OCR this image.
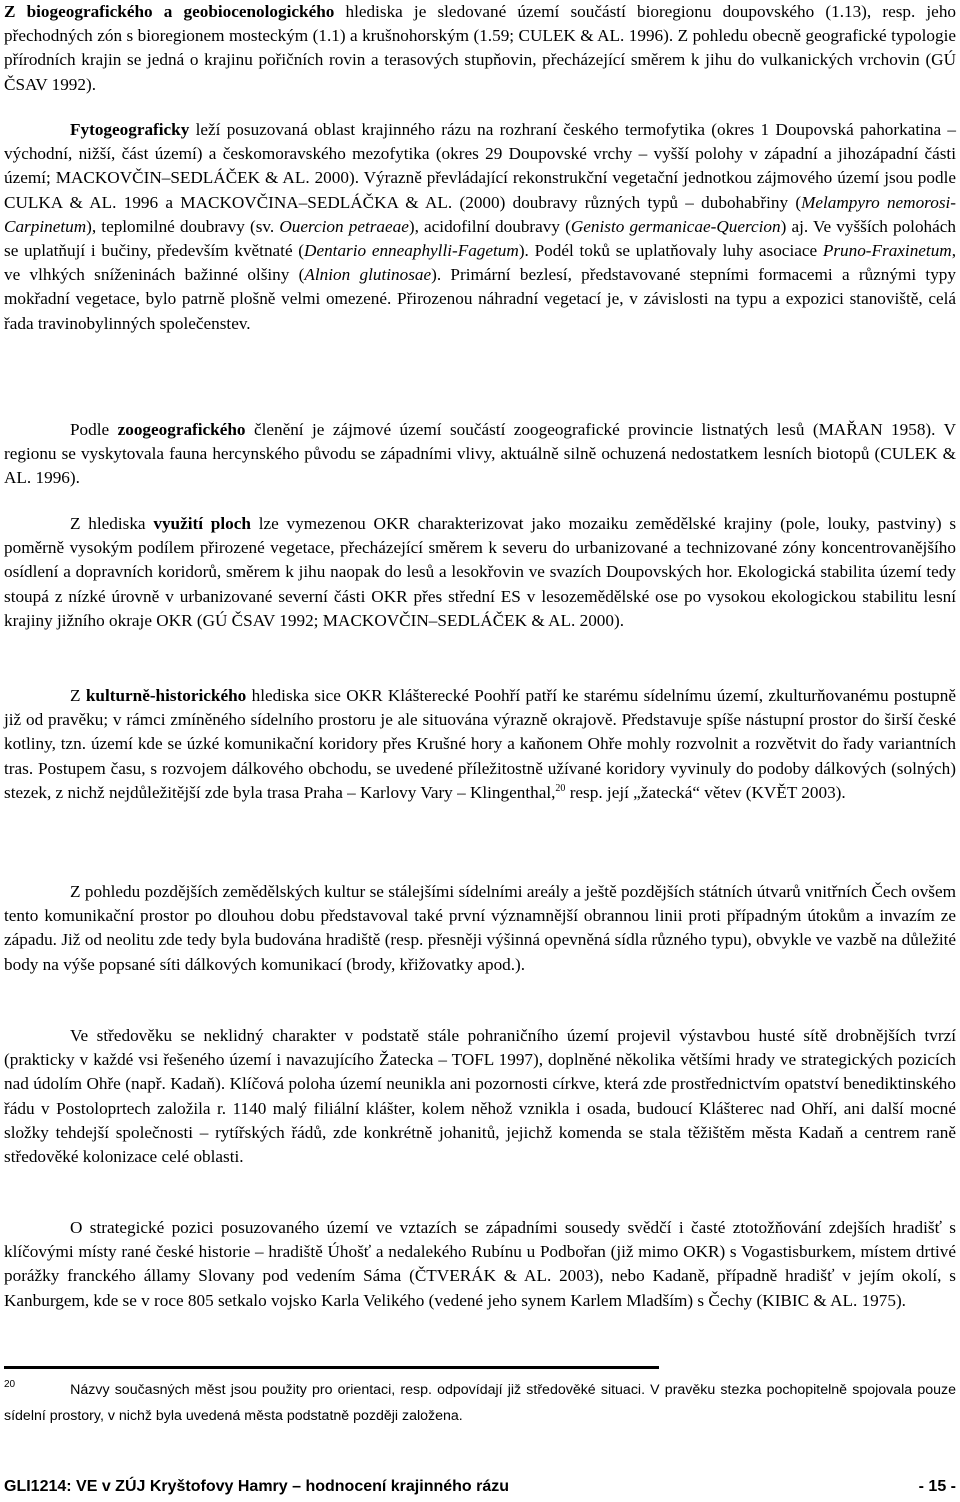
Z biogeografického a geobiocenologického hlediska je sledované území součástí bioregionu doupovského (1.13), resp. jeho přechodných zón s bioregionem mosteckým (1.1) a krušnohorským (1.59; CULEK & AL. 1996). Z pohledu obecně geografické typologie přírodních krajin se jedná o krajinu pořičních rovin a terasových stupňovin, přecházející směrem k jihu do vulkanických vrchovin (GÚ ČSAV 1992).

Fytogeograficky leží posuzovaná oblast krajinného rázu na rozhraní českého termofytika (okres 1 Doupovská pahorkatina – východní, nižší, část území) a českomoravského mezofytika (okres 29 Doupovské vrchy – vyšší polohy v západní a jihozápadní části území; MACKOVČIN–SEDLÁČEK & AL. 2000). Výrazně převládající rekonstrukční vegetační jednotkou zájmového území jsou podle CULKA & AL. 1996 a MACKOVČINA–SEDLÁČKA & AL. (2000) doubravy různých typů – dubohabřiny (Melampyro nemorosi-Carpinetum), teplomilné doubravy (sv. Ouercion petraeae), acidofilní doubravy (Genisto germanicae-Quercion) aj. Ve vyšších polohách se uplatňují i bučiny, především květnaté (Dentario enneaphylli-Fagetum). Podél toků se uplatňovaly luhy asociace Pruno-Fraxinetum, ve vlhkých sníženinách bažinné olšiny (Alnion glutinosae). Primární bezlesí, představované stepními formacemi a různými typy mokřadní vegetace, bylo patrně plošně velmi omezené. Přirozenou náhradní vegetací je, v závislosti na typu a expozici stanoviště, celá řada travinobylinných společenstev.

Podle zoogeografického členění je zájmové území součástí zoogeografické provincie listnatých lesů (MAŘAN 1958). V regionu se vyskytovala fauna hercynského původu se západními vlivy, aktuálně silně ochuzená nedostatkem lesních biotopů (CULEK & AL. 1996).

Z hlediska využití ploch lze vymezenou OKR charakterizovat jako mozaiku zemědělské krajiny (pole, louky, pastviny) s poměrně vysokým podílem přirozené vegetace, přecházející směrem k severu do urbanizované a technizované zóny koncentrovanějšího osídlení a dopravních koridorů, směrem k jihu naopak do lesů a lesokřovin ve svazích Doupovských hor. Ekologická stabilita území tedy stoupá z nízké úrovně v urbanizované severní části OKR přes střední ES v lesozemědělské ose po vysokou ekologickou stabilitu lesní krajiny jižního okraje OKR (GÚ ČSAV 1992; MACKOVČIN–SEDLÁČEK & AL. 2000).

Z kulturně-historického hlediska sice OKR Klášterecké Poohří patří ke starému sídelnímu území, zkulturňovanému postupně již od pravěku; v rámci zmíněného sídelního prostoru je ale situována výrazně okrajově. Představuje spíše nástupní prostor do širší české kotliny, tzn. území kde se úzké komunikační koridory přes Krušné hory a kaňonem Ohře mohly rozvolnit a rozvětvit do řady variantních tras. Postupem času, s rozvojem dálkového obchodu, se uvedené příležitostně užívané koridory vyvinuly do podoby dálkových (solných) stezek, z nichž nejdůležitější zde byla trasa Praha – Karlovy Vary – Klingenthal,$^{20}$ resp. její „žatecká“ větev (KVĚT 2003).

Z pohledu pozdějších zemědělských kultur se stálejšími sídelními areály a ještě pozdějších státních útvarů vnitřních Čech ovšem tento komunikační prostor po dlouhou dobu představoval také první významnější obrannou linii proti případným útokům a invazím ze západu. Již od neolitu zde tedy byla budována hradiště (resp. přesněji výšinná opevněná sídla různého typu), obvykle ve vazbě na důležité body na výše popsané síti dálkových komunikací (brody, křižovatky apod.).

Ve středověku se neklidný charakter v podstatě stále pohraničního území projevil výstavbou husté sítě drobnějších tvrzí (prakticky v každé vsi řešeného území i navazujícího Žatecka – TOFL 1997), doplněné několika většími hrady ve strategických pozicích nad údolím Ohře (např. Kadaň). Klíčová poloha území neunikla ani pozornosti církve, která zde prostřednictvím opatství benediktinského řádu v Postoloprtech založila r. 1140 malý filiální klášter, kolem něhož vznikla i osada, budoucí Klášterec nad Ohří, ani další mocné složky tehdejší společnosti – rytířských řádů, zde konkrétně johanitů, jejichž komenda se stala těžištěm města Kadaň a centrem raně středověké kolonizace celé oblasti.

O strategické pozici posuzovaného území ve vztazích se západními sousedy svědčí i časté ztotožňování zdejších hradišť s klíčovými místy rané české historie – hradiště Úhošť a nedalekého Rubínu u Podbořan (již mimo OKR) s Vogastisburkem, místem drtivé porážky franckého államy Slovany pod vedením Sáma (ČTVERÁK & AL. 2003), nebo Kadaně, případně hradišť v jejím okolí, s Kanburgem, kde se v roce 805 setkalo vojsko Karla Velikého (vedené jeho synem Karlem Mladším) s Čechy (KIBIC & AL. 1975).

$^{20}$	Názvy současných měst jsou použity pro orientaci, resp. odpovídají již středověké situaci. V pravěku stezka pochopitelně spojovala pouze sídelní prostory, v nichž byla uvedená města podstatně později založena.
GLI1214: VE v ZÚJ Kryštofovy Hamry – hodnocení krajinného rázu	- 15 -
